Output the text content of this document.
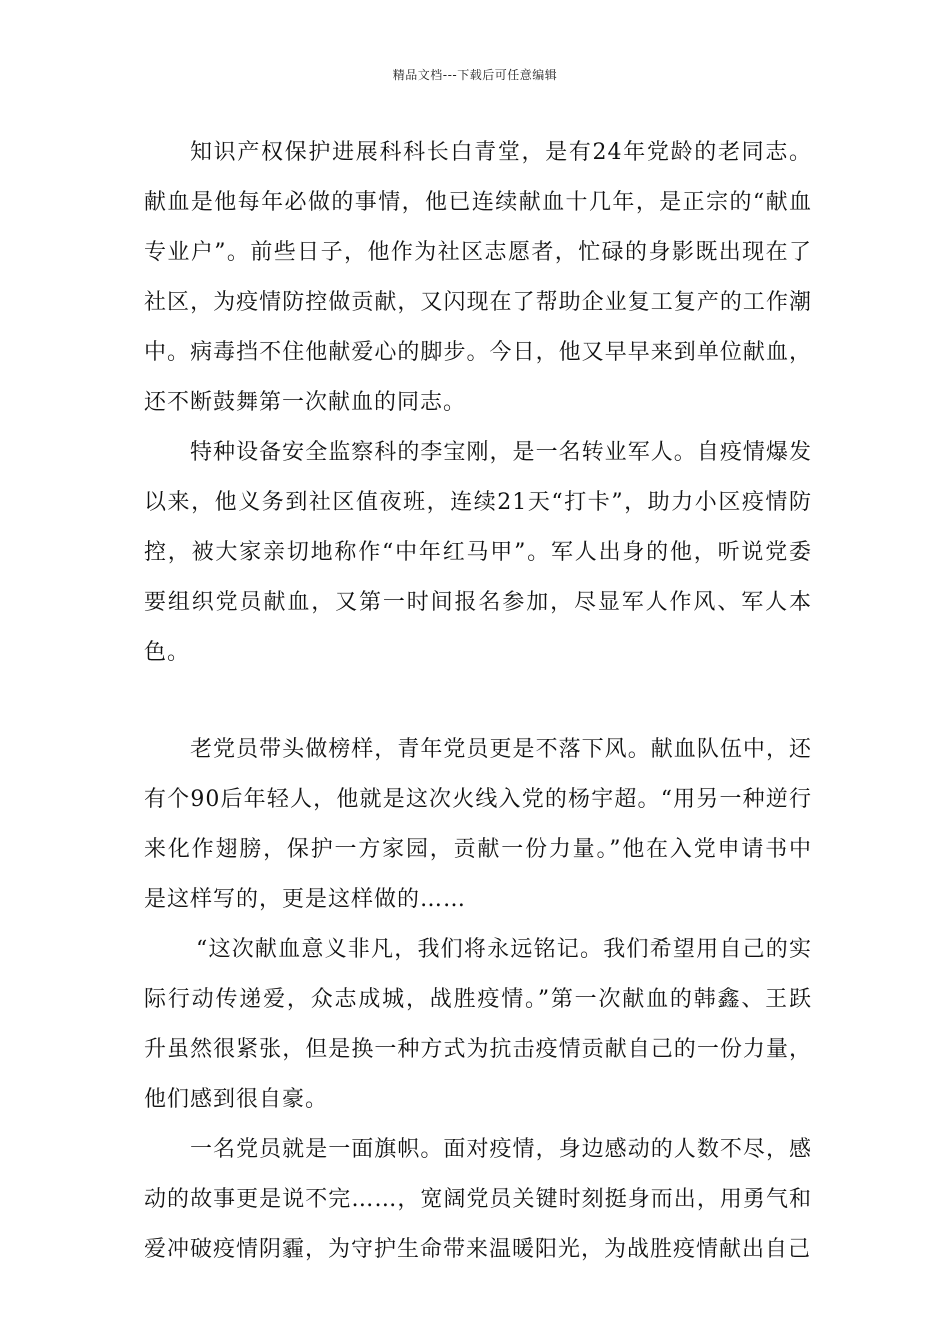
精品文档---下载后可任意编辑

知识产权保护进展科科长白青堂，是有24年党龄的老同志。献血是他每年必做的事情，他已连续献血十几年，是正宗的“献血专业户”。前些日子，他作为社区志愿者，忙碌的身影既出现在了社区，为疫情防控做贡献，又闪现在了帮助企业复工复产的工作潮中。病毒挡不住他献爱心的脚步。今日，他又早早来到单位献血，还不断鼓舞第一次献血的同志。

特种设备安全监察科的李宝刚，是一名转业军人。自疫情爆发以来，他义务到社区值夜班，连续21天“打卡”，助力小区疫情防控，被大家亲切地称作“中年红马甲”。军人出身的他，听说党委要组织党员献血，又第一时间报名参加，尽显军人作风、军人本色。

老党员带头做榜样，青年党员更是不落下风。献血队伍中，还有个90后年轻人，他就是这次火线入党的杨宇超。“用另一种逆行来化作翅膀，保护一方家园，贡献一份力量。”他在入党申请书中是这样写的，更是这样做的……

“这次献血意义非凡，我们将永远铭记。我们希望用自己的实际行动传递爱，众志成城，战胜疫情。”第一次献血的韩鑫、王跃升虽然很紧张，但是换一种方式为抗击疫情贡献自己的一份力量，他们感到很自豪。

一名党员就是一面旗帜。面对疫情，身边感动的人数不尽，感动的故事更是说不完……，宽阔党员关键时刻挺身而出，用勇气和爱冲破疫情阴霾，为守护生命带来温暖阳光，为战胜疫情献出自己
